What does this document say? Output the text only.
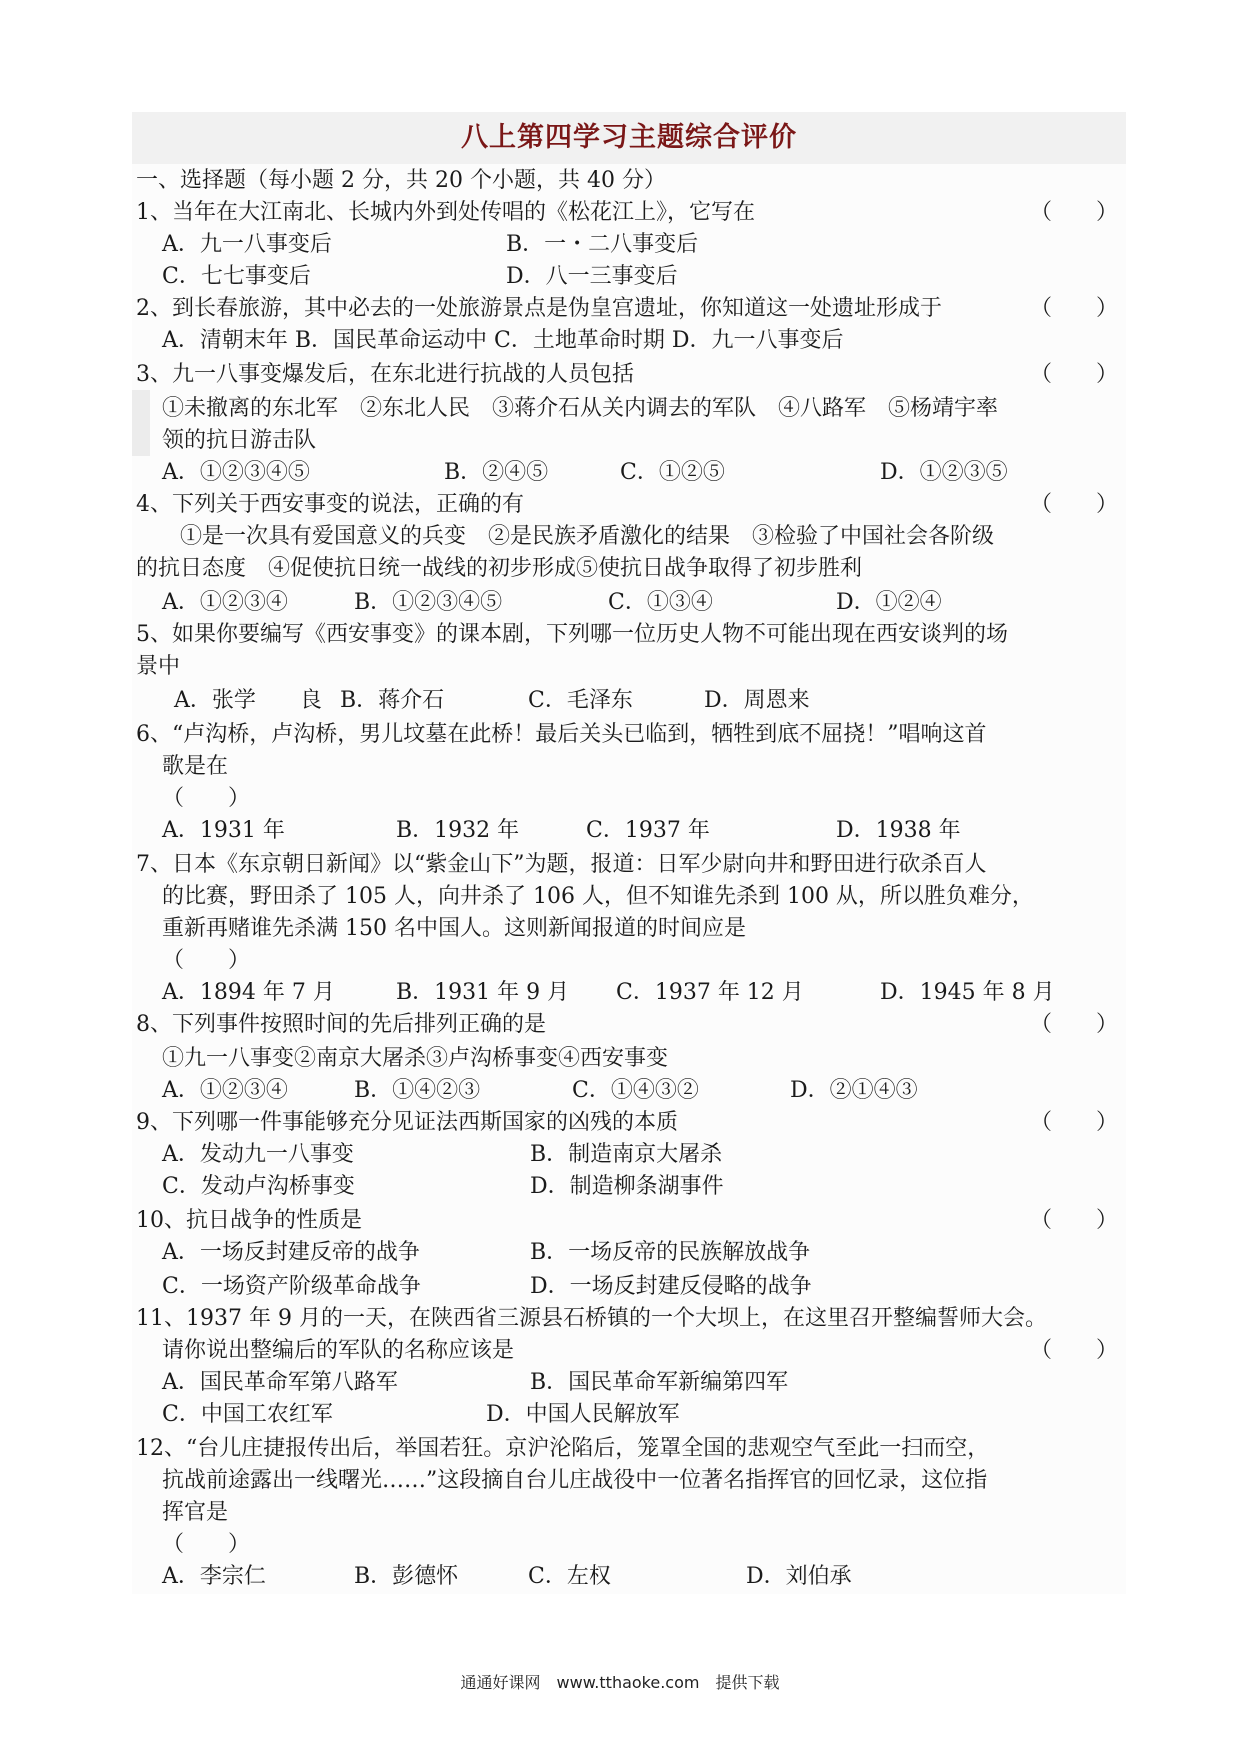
八上第四学习主题综合评价
一、选择题（每小题 2 分，共 20 个小题，共 40 分）
1、当年在大江南北、长城内外到处传唱的《松花江上》，它写在	（　　）
A．九一八事变后	B．一・二八事变后
C．七七事变后	D．八一三事变后
2、到长春旅游，其中必去的一处旅游景点是伪皇宫遗址，你知道这一处遗址形成于	（　　）
A．清朝末年 B．国民革命运动中 C．土地革命时期 D．九一八事变后
3、九一八事变爆发后，在东北进行抗战的人员包括	（　　）
①未撤离的东北军　②东北人民　③蒋介石从关内调去的军队　④八路军　⑤杨靖宇率
领的抗日游击队
A．①②③④⑤	B．②④⑤	C．①②⑤	D．①②③⑤
4、下列关于西安事变的说法，正确的有	（　　）
①是一次具有爱国意义的兵变　②是民族矛盾激化的结果　③检验了中国社会各阶级
的抗日态度　④促使抗日统一战线的初步形成⑤使抗日战争取得了初步胜利
A．①②③④	B．①②③④⑤	C．①③④	D．①②④
5、如果你要编写《西安事变》的课本剧，下列哪一位历史人物不可能出现在西安谈判的场
景中
A．张学　　良 B．蒋介石	C．毛泽东	D．周恩来
6、“卢沟桥，卢沟桥，男儿坟墓在此桥！最后关头已临到，牺牲到底不屈挠！”唱响这首
歌是在
（　　）
A．1931 年	B．1932 年	C．1937 年	D．1938 年
7、日本《东京朝日新闻》以“紫金山下”为题，报道：日军少尉向井和野田进行砍杀百人
的比赛，野田杀了 105 人，向井杀了 106 人，但不知谁先杀到 100 从，所以胜负难分，
重新再赌谁先杀满 150 名中国人。这则新闻报道的时间应是
（　　）
A．1894 年 7 月	B．1931 年 9 月 C．1937 年 12 月	D．1945 年 8 月
8、下列事件按照时间的先后排列正确的是	（　　）
①九一八事变②南京大屠杀③卢沟桥事变④西安事变
A．①②③④	B．①④②③	C．①④③②	D．②①④③
9、下列哪一件事能够充分见证法西斯国家的凶残的本质	（　　）
A．发动九一八事变	B．制造南京大屠杀
C．发动卢沟桥事变	D．制造柳条湖事件
10、抗日战争的性质是	（　　）
A．一场反封建反帝的战争	B．一场反帝的民族解放战争
C．一场资产阶级革命战争	D．一场反封建反侵略的战争
11、1937 年 9 月的一天，在陕西省三源县石桥镇的一个大坝上，在这里召开整编誓师大会。
请你说出整编后的军队的名称应该是	（　　）
A．国民革命军第八路军	B．国民革命军新编第四军
C．中国工农红军	D．中国人民解放军
12、“台儿庄捷报传出后，举国若狂。京沪沦陷后，笼罩全国的悲观空气至此一扫而空，
抗战前途露出一线曙光……”这段摘自台儿庄战役中一位著名指挥官的回忆录，这位指
挥官是
（　　）
A．李宗仁	B．彭德怀	C．左权	D．刘伯承
通通好课网　www.tthaoke.com　提供下载
